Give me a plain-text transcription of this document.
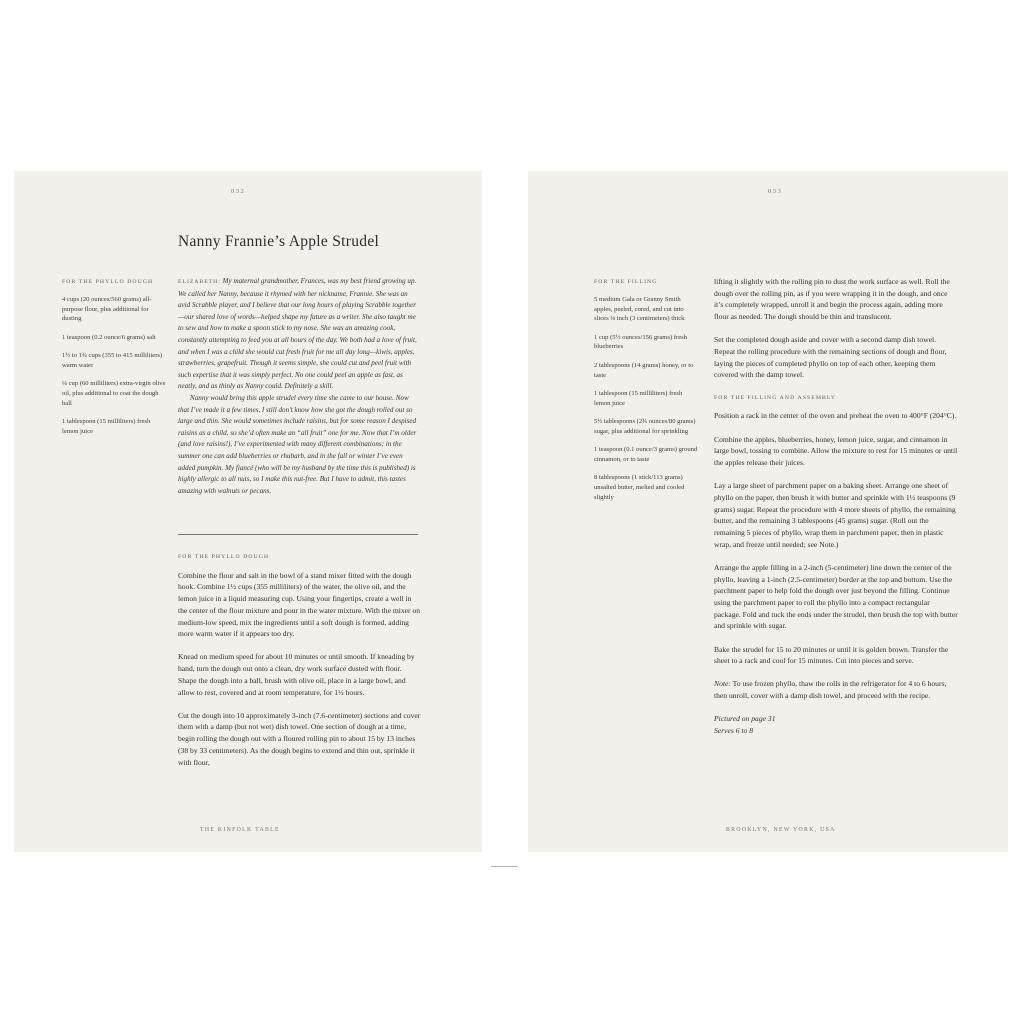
032
Nanny Frannie’s Apple Strudel
FOR THE PHYLLO DOUGH

4 cups (20 ounces/560 grams) all-purpose flour, plus additional for dusting

1 teaspoon (0.2 ounce/6 grams) salt

1½ to 1¾ cups (355 to 415 milliliters) warm water

¼ cup (60 milliliters) extra-virgin olive oil, plus additional to coat the dough ball

1 tablespoon (15 milliliters) fresh lemon juice

ELIZABETH: My maternal grandmother, Frances, was my best friend growing up. We called her Nanny, because it rhymed with her nickname, Frannie. She was an avid Scrabble player, and I believe that our long hours of playing Scrabble together—our shared love of words—helped shape my future as a writer. She also taught me to sew and how to make a spoon stick to my nose. She was an amazing cook, constantly attempting to feed you at all hours of the day. We both had a love of fruit, and when I was a child she would cut fresh fruit for me all day long—kiwis, apples, strawberries, grapefruit. Though it seems simple, she could cut and peel fruit with such expertise that it was simply perfect. No one could peel an apple as fast, as neatly, and as thinly as Nanny could. Definitely a skill.

Nanny would bring this apple strudel every time she came to our house. Now that I’ve made it a few times, I still don’t know how she got the dough rolled out so large and thin. She would sometimes include raisins, but for some reason I despised raisins as a child, so she’d often make an “all fruit” one for me. Now that I’m older (and love raisins!), I’ve experimented with many different combinations; in the summer one can add blueberries or rhubarb, and in the fall or winter I’ve even added pumpkin. My fiancé (who will be my husband by the time this is published) is highly allergic to all nuts, so I make this nut-free. But I have to admit, this tastes amazing with walnuts or pecans.

FOR THE PHYLLO DOUGH

Combine the flour and salt in the bowl of a stand mixer fitted with the dough hook. Combine 1½ cups (355 milliliters) of the water, the olive oil, and the lemon juice in a liquid measuring cup. Using your fingertips, create a well in the center of the flour mixture and pour in the water mixture. With the mixer on medium-low speed, mix the ingredients until a soft dough is formed, adding more warm water if it appears too dry.

Knead on medium speed for about 10 minutes or until smooth. If kneading by hand, turn the dough out onto a clean, dry work surface dusted with flour. Shape the dough into a ball, brush with olive oil, place in a large bowl, and allow to rest, covered and at room temperature, for 1½ hours.

Cut the dough into 10 approximately 3-inch (7.6-centimeter) sections and cover them with a damp (but not wet) dish towel. One section of dough at a time, begin rolling the dough out with a floured rolling pin to about 15 by 13 inches (38 by 33 centimeters). As the dough begins to extend and thin out, sprinkle it with flour,

THE KINFOLK TABLE
033
FOR THE FILLING

5 medium Gala or Granny Smith apples, peeled, cored, and cut into slices ⅛ inch (3 centimeters) thick

1 cup (5½ ounces/156 grams) fresh blueberries

2 tablespoons (14 grams) honey, or to taste

1 tablespoon (15 milliliters) fresh lemon juice

5½ tablespoons (2¾ ounces/80 grams) sugar, plus additional for sprinkling

1 teaspoon (0.1 ounce/3 grams) ground cinnamon, or to taste

8 tablespoons (1 stick/113 grams) unsalted butter, melted and cooled slightly

lifting it slightly with the rolling pin to dust the work surface as well. Roll the dough over the rolling pin, as if you were wrapping it in the dough, and once it’s completely wrapped, unroll it and begin the process again, adding more flour as needed. The dough should be thin and translucent.

Set the completed dough aside and cover with a second damp dish towel. Repeat the rolling procedure with the remaining sections of dough and flour, laying the pieces of completed phyllo on top of each other, keeping them covered with the damp towel.

FOR THE FILLING AND ASSEMBLY

Position a rack in the center of the oven and preheat the oven to 400°F (204°C).

Combine the apples, blueberries, honey, lemon juice, sugar, and cinnamon in large bowl, tossing to combine. Allow the mixture to rest for 15 minutes or until the apples release their juices.

Lay a large sheet of parchment paper on a baking sheet. Arrange one sheet of phyllo on the paper, then brush it with butter and sprinkle with 1½ teaspoons (9 grams) sugar. Repeat the procedure with 4 more sheets of phyllo, the remaining butter, and the remaining 3 tablespoons (45 grams) sugar. (Roll out the remaining 5 pieces of phyllo, wrap them in parchment paper, then in plastic wrap, and freeze until needed; see Note.)

Arrange the apple filling in a 2-inch (5-centimeter) line down the center of the phyllo, leaving a 1-inch (2.5-centimeter) border at the top and bottom. Use the parchment paper to help fold the dough over just beyond the filling. Continue using the parchment paper to roll the phyllo into a compact rectangular package. Fold and tuck the ends under the strudel, then brush the top with butter and sprinkle with sugar.

Bake the strudel for 15 to 20 minutes or until it is golden brown. Transfer the sheet to a rack and cool for 15 minutes. Cut into pieces and serve.

Note: To use frozen phyllo, thaw the rolls in the refrigerator for 4 to 6 hours, then unroll, cover with a damp dish towel, and proceed with the recipe.

Pictured on page 31

Serves 6 to 8

BROOKLYN, NEW YORK, USA
